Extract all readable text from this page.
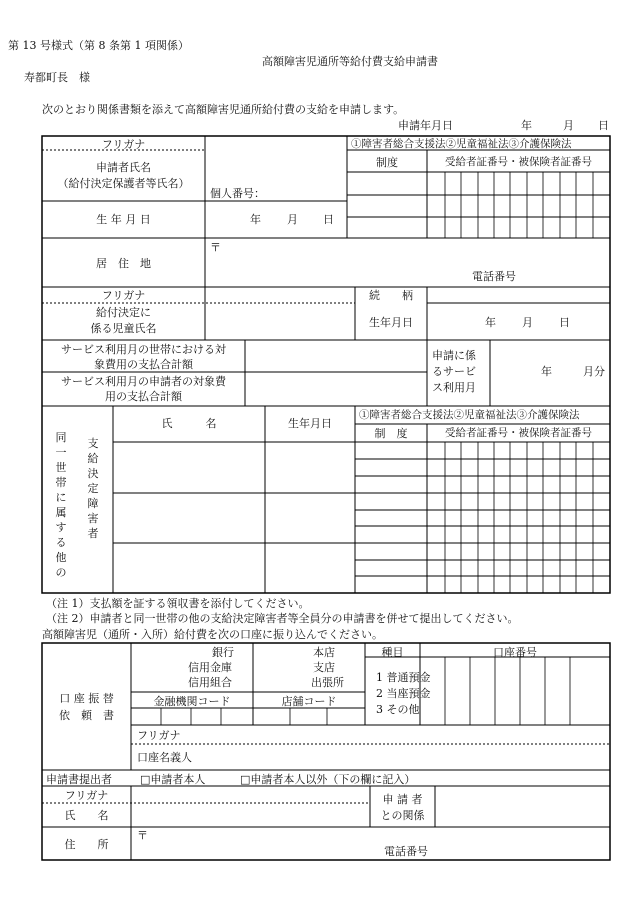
第 13 号様式（第 8 条第 1 項関係）
高額障害児通所等給付費支給申請書
寿都町長　様
次のとおり関係書類を添えて高額障害児通所給付費の支給を申請します。
申請年月日	年	月 日
フリガナ	①障害者総合支援法②児童福祉法③介護保険法
制度	受給者証番号・被保険者証番号
申請者氏名
（給付決定保護者等氏名）
個人番号：
生 年 月 日	年 月 日
居　住　地
〒
電話番号
フリガナ	続　　柄
給付決定に
係る児童氏名	生年月日	年 月 日
サービス利用月の世帯における対
象費用の支払合計額
サービス利用月の申請者の対象費
用の支払合計額
申請に係
るサービ
ス利用月
年	月分
同一世帯に属する他の
支給決定障害者
氏　　　名	生年月日
①障害者総合支援法②児童福祉法③介護保険法
制　度	受給者証番号・被保険者証番号
（注 1）支払額を証する領収書を添付してください。
（注 2）申請者と同一世帯の他の支給決定障害者等全員分の申請書を併せて提出してください。
高額障害児（通所・入所）給付費を次の口座に振り込んでください。
口 座 振 替
依　頼　書
銀行
信用金庫
信用組合
本店
支店
出張所
種目	口座番号
1 普通預金
2 当座預金
3 その他
金融機関コード	店舗コード
フリガナ
口座名義人
申請書提出者	□申請者本人	□申請者本人以外（下の欄に記入）
フリガナ
氏　　名
申 請 者
との関係
住　　所
〒
電話番号
